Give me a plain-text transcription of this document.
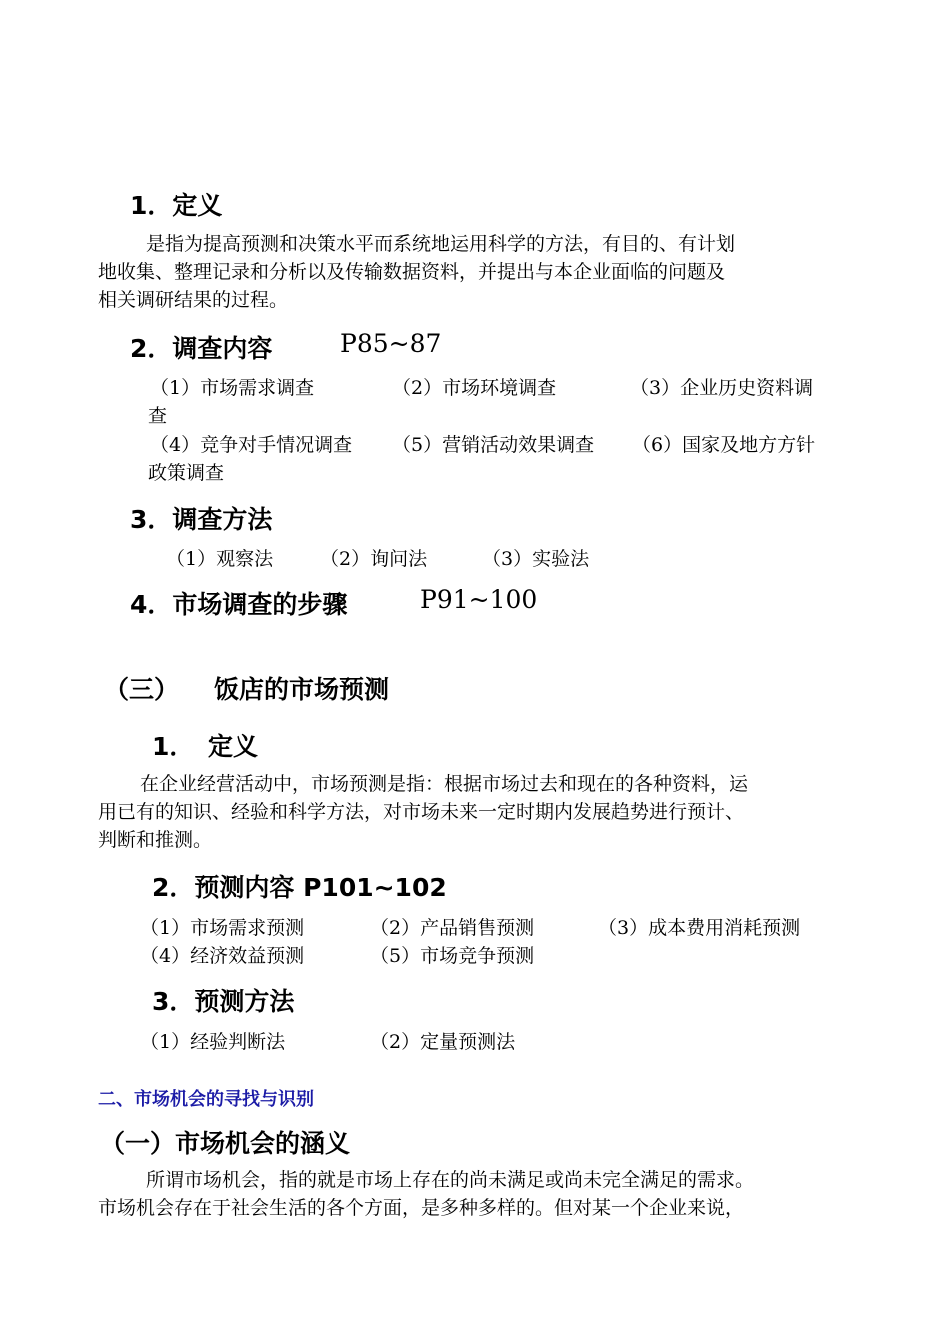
1．定义
是指为提高预测和决策水平而系统地运用科学的方法，有目的、有计划
地收集、整理记录和分析以及传输数据资料，并提出与本企业面临的问题及
相关调研结果的过程。
2．调查内容	P85~87
（1）市场需求调查	（2）市场环境调查	（3）企业历史资料调
查
（4）竞争对手情况调查 （5）营销活动效果调查 （6）国家及地方方针
政策调查
3．调查方法
（1）观察法 （2）询问法	（3）实验法
4．市场调查的步骤	P91~100
（三） 饭店的市场预测
1． 定义
在企业经营活动中，市场预测是指：根据市场过去和现在的各种资料，运
用已有的知识、经验和科学方法，对市场未来一定时期内发展趋势进行预计、
判断和推测。
2．预测内容 P101~102
（1）市场需求预测	（2）产品销售预测	（3）成本费用消耗预测
（4）经济效益预测	（5）市场竞争预测
3．预测方法
（1）经验判断法	（2）定量预测法
二、市场机会的寻找与识别
（一）市场机会的涵义
所谓市场机会，指的就是市场上存在的尚未满足或尚未完全满足的需求。
市场机会存在于社会生活的各个方面，是多种多样的。但对某一个企业来说，
